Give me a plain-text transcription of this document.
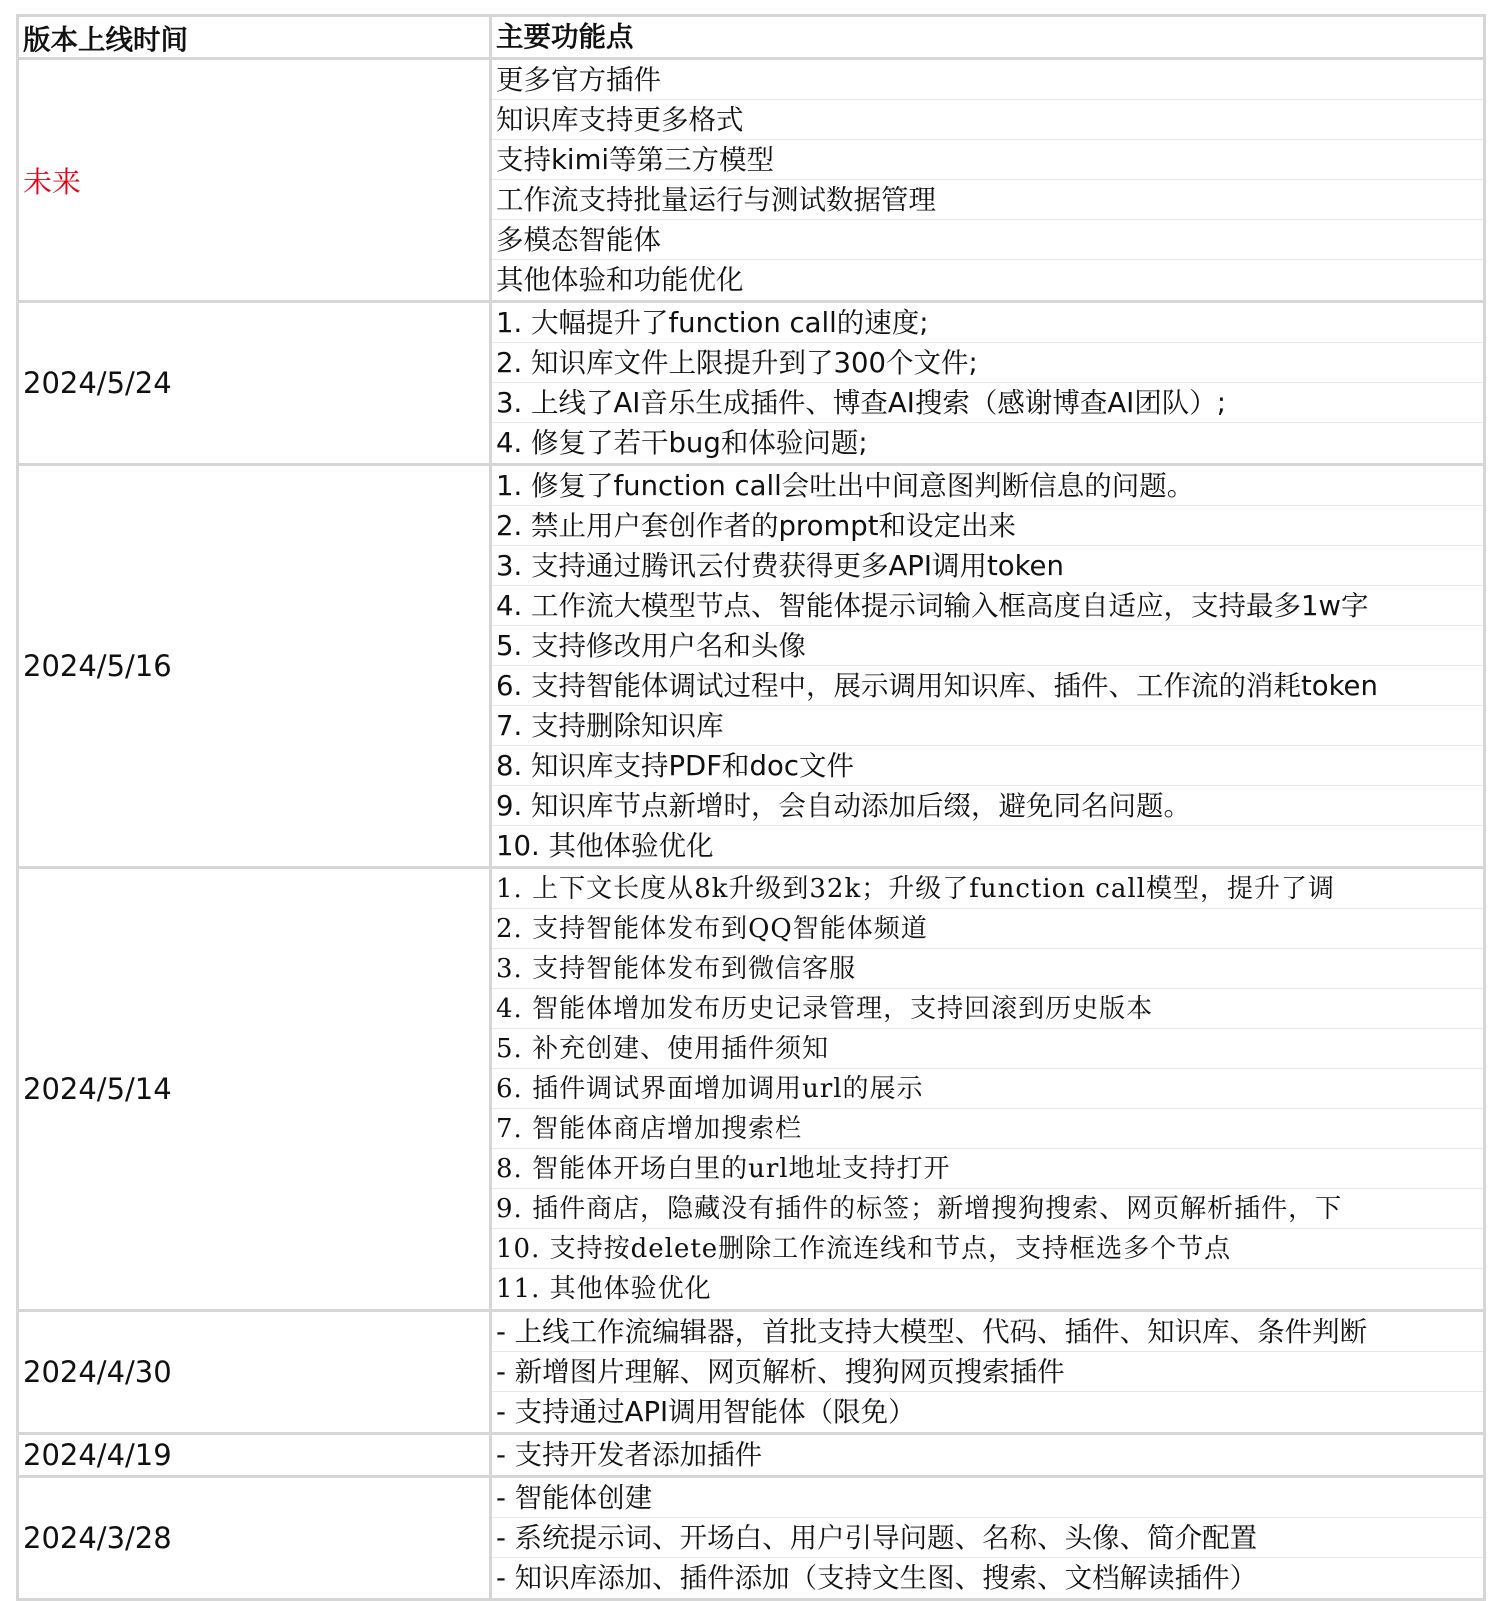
版本上线时间	主要功能点
未来
更多官方插件
知识库支持更多格式
支持kimi等第三方模型
工作流支持批量运行与测试数据管理
多模态智能体
其他体验和功能优化
2024/5/24
1. 大幅提升了function call的速度;
2. 知识库文件上限提升到了300个文件;
3. 上线了AI音乐生成插件、博查AI搜索（感谢博查AI团队）;
4. 修复了若干bug和体验问题;
2024/5/16
1. 修复了function call会吐出中间意图判断信息的问题。
2. 禁止用户套创作者的prompt和设定出来
3. 支持通过腾讯云付费获得更多API调用token
4. 工作流大模型节点、智能体提示词输入框高度自适应，支持最多1w字
5. 支持修改用户名和头像
6. 支持智能体调试过程中，展示调用知识库、插件、工作流的消耗token
7. 支持删除知识库
8. 知识库支持PDF和doc文件
9. 知识库节点新增时，会自动添加后缀，避免同名问题。
10. 其他体验优化
2024/5/14
1. 上下文长度从8k升级到32k；升级了function call模型，提升了调
2. 支持智能体发布到QQ智能体频道
3. 支持智能体发布到微信客服
4. 智能体增加发布历史记录管理，支持回滚到历史版本
5. 补充创建、使用插件须知
6. 插件调试界面增加调用url的展示
7. 智能体商店增加搜索栏
8. 智能体开场白里的url地址支持打开
9. 插件商店，隐藏没有插件的标签；新增搜狗搜索、网页解析插件，下
10. 支持按delete删除工作流连线和节点，支持框选多个节点
11. 其他体验优化
2024/4/30
- 上线工作流编辑器，首批支持大模型、代码、插件、知识库、条件判断
- 新增图片理解、网页解析、搜狗网页搜索插件
- 支持通过API调用智能体（限免）
2024/4/19	- 支持开发者添加插件
2024/3/28
- 智能体创建
- 系统提示词、开场白、用户引导问题、名称、头像、简介配置
- 知识库添加、插件添加（支持文生图、搜索、文档解读插件）
